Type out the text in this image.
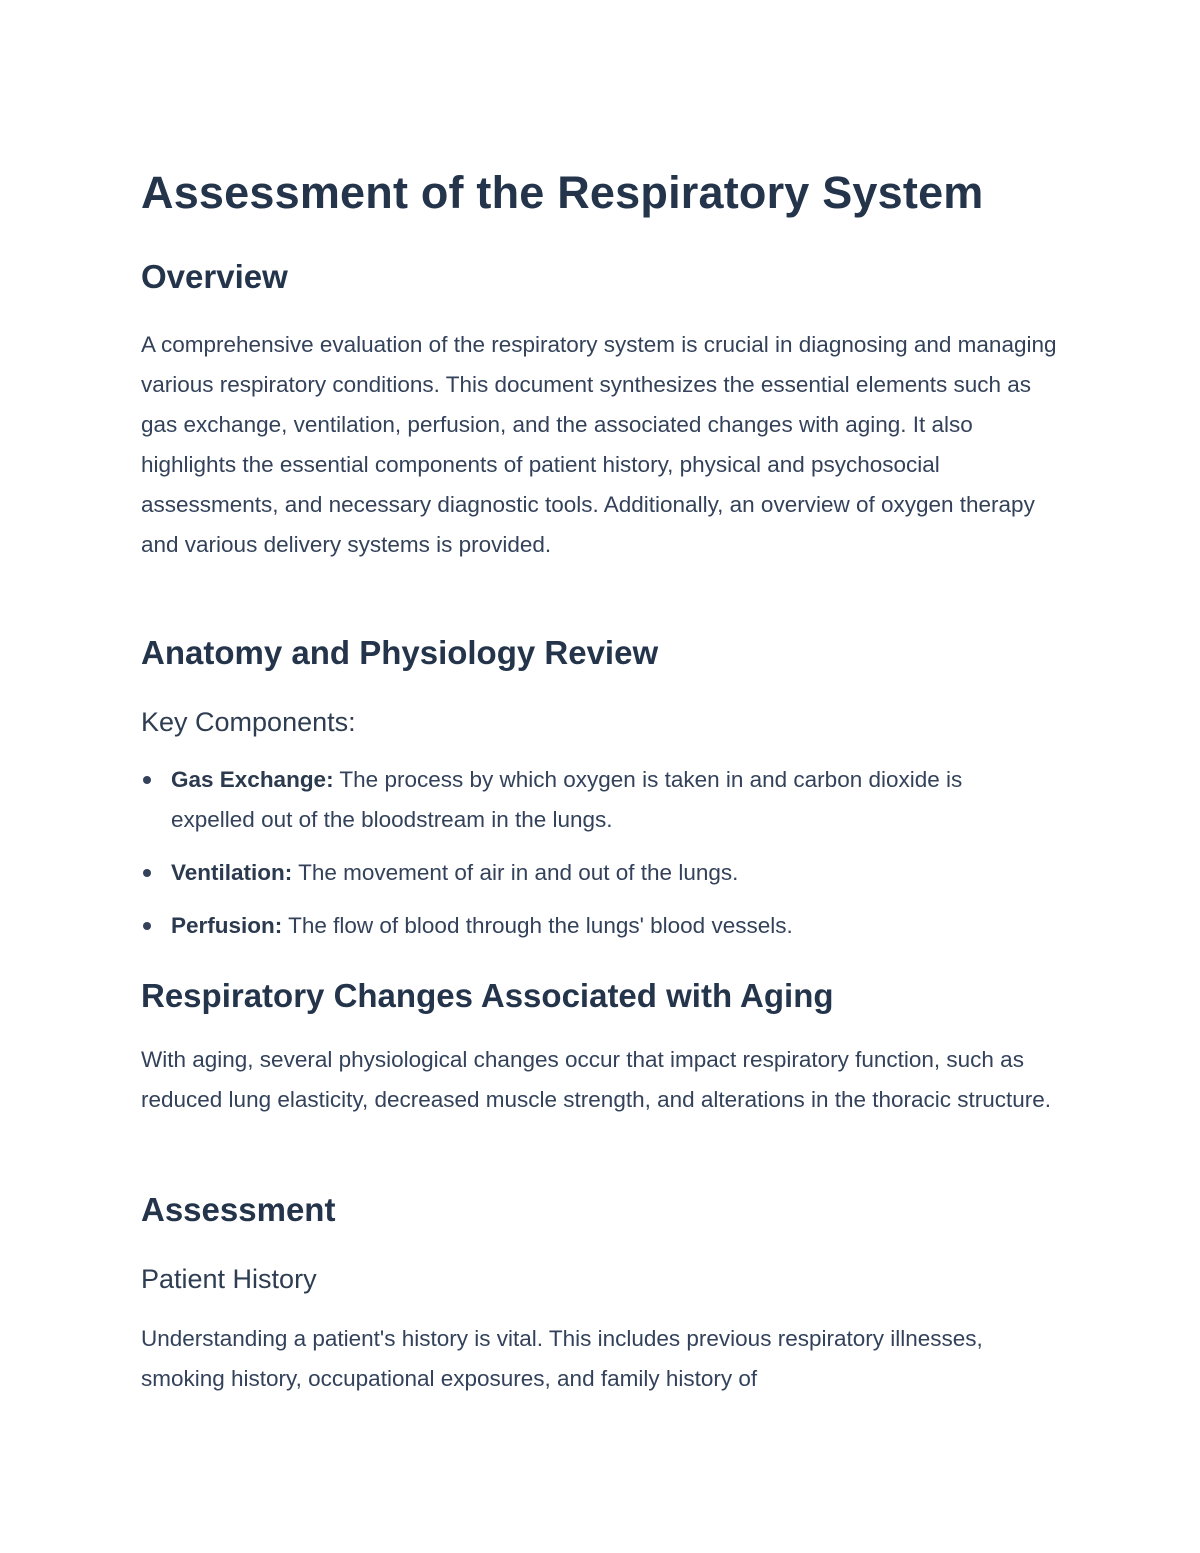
Assessment of the Respiratory System
Overview

A comprehensive evaluation of the respiratory system is crucial in diagnosing and managing various respiratory conditions. This document synthesizes the essential elements such as gas exchange, ventilation, perfusion, and the associated changes with aging. It also highlights the essential components of patient history, physical and psychosocial assessments, and necessary diagnostic tools. Additionally, an overview of oxygen therapy and various delivery systems is provided.

Anatomy and Physiology Review
Key Components:
Gas Exchange: The process by which oxygen is taken in and carbon dioxide is expelled out of the bloodstream in the lungs.
Ventilation: The movement of air in and out of the lungs.
Perfusion: The flow of blood through the lungs' blood vessels.
Respiratory Changes Associated with Aging

With aging, several physiological changes occur that impact respiratory function, such as reduced lung elasticity, decreased muscle strength, and alterations in the thoracic structure.

Assessment
Patient History

Understanding a patient's history is vital. This includes previous respiratory illnesses, smoking history, occupational exposures, and family history of
